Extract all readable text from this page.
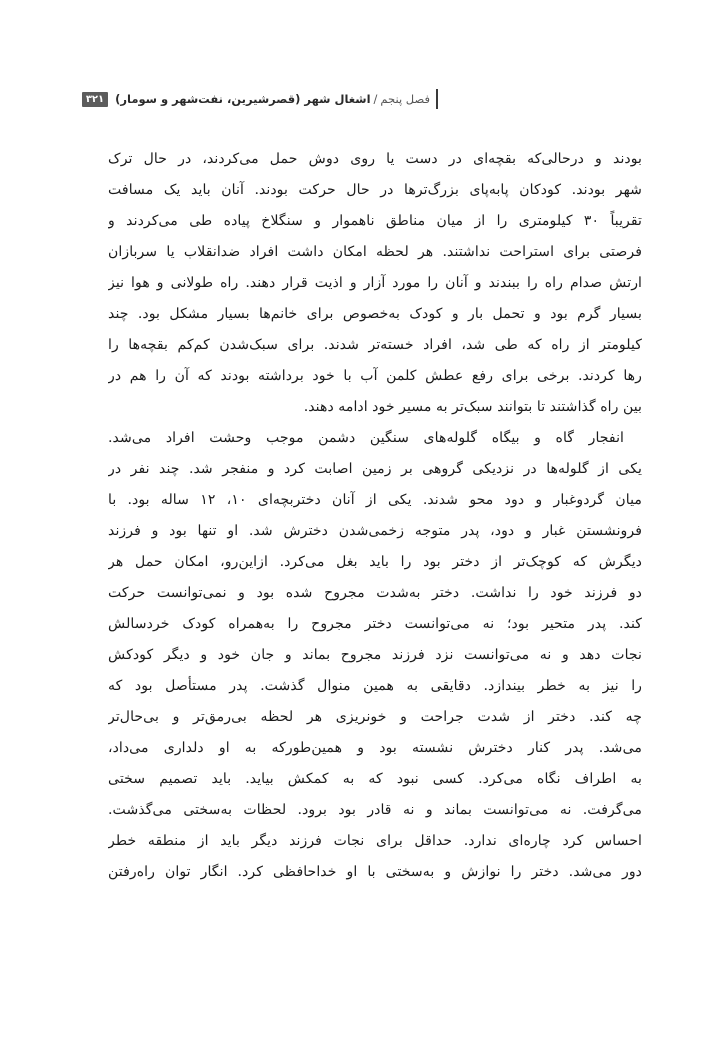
فصل پنجم
/
اشغال شهر (قصرشیرین، نفت‌شهر و سومار)
۳۲۱
بودند و درحالی‌که بقچه‌ای در دست یا روی دوش حمل می‌کردند، در حال ترک
شهر بودند. کودکان پابه‌پای بزرگ‌ترها در حال حرکت بودند. آنان باید یک مسافت
تقریباً ۳۰ کیلومتری را از میان مناطق ناهموار و سنگلاخ پیاده طی می‌کردند و
فرصتی برای استراحت نداشتند. هر لحظه امکان داشت افراد ضدانقلاب یا سربازان
ارتش صدام راه را ببندند و آنان را مورد آزار و اذیت قرار دهند. راه طولانی و هوا نیز
بسیار گرم بود و تحمل بار و کودک به‌خصوص برای خانم‌ها بسیار مشکل بود. چند
کیلومتر از راه که طی شد، افراد خسته‌تر شدند. برای سبک‌شدن کم‌کم بقچه‌ها را
رها کردند. برخی برای رفع عطش کلمن آب با خود برداشته بودند که آن را هم در
بین راه گذاشتند تا بتوانند سبک‌تر به مسیر خود ادامه دهند.
انفجار گاه و بیگاه گلوله‌های سنگین دشمن موجب وحشت افراد می‌شد.
یکی از گلوله‌ها در نزدیکی گروهی بر زمین اصابت کرد و منفجر شد. چند نفر در
میان گردوغبار و دود محو شدند. یکی از آنان دختربچه‌ای ۱۰، ۱۲ ساله بود. با
فرونشستن غبار و دود، پدر متوجه زخمی‌شدن دخترش شد. او تنها بود و فرزند
دیگرش که کوچک‌تر از دختر بود را باید بغل می‌کرد. ازاین‌رو، امکان حمل هر
دو فرزند خود را نداشت. دختر به‌شدت مجروح شده بود و نمی‌توانست حرکت
کند. پدر متحیر بود؛ نه می‌توانست دختر مجروح را به‌همراه کودک خردسالش
نجات دهد و نه می‌توانست نزد فرزند مجروح بماند و جان خود و دیگر کودکش
را نیز به خطر بیندازد. دقایقی به همین منوال گذشت. پدر مستأصل بود که
چه کند. دختر از شدت جراحت و خونریزی هر لحظه بی‌رمق‌تر و بی‌حال‌تر
می‌شد. پدر کنار دخترش نشسته بود و همین‌طورکه به او دلداری می‌داد،
به اطراف نگاه می‌کرد. کسی نبود که به کمکش بیاید. باید تصمیم سختی
می‌گرفت. نه می‌توانست بماند و نه قادر بود برود. لحظات به‌سختی می‌گذشت.
احساس کرد چاره‌ای ندارد. حداقل برای نجات فرزند دیگر باید از منطقه خطر
دور می‌شد. دختر را نوازش و به‌سختی با او خداحافظی کرد. انگار توان راه‌رفتن
